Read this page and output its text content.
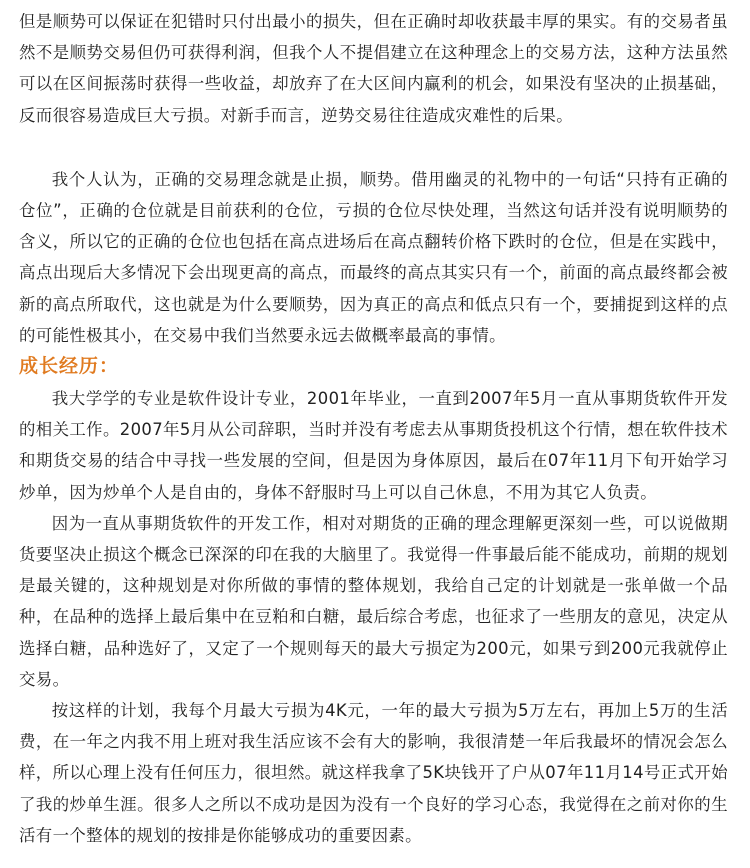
但是顺势可以保证在犯错时只付出最小的损失，但在正确时却收获最丰厚的果实。有的交易者虽然不是顺势交易但仍可获得利润，但我个人不提倡建立在这种理念上的交易方法，这种方法虽然可以在区间振荡时获得一些收益，却放弃了在大区间内赢利的机会，如果没有坚决的止损基础，反而很容易造成巨大亏损。对新手而言，逆势交易往往造成灾难性的后果。

我个人认为，正确的交易理念就是止损，顺势。借用幽灵的礼物中的一句话“只持有正确的仓位”，正确的仓位就是目前获利的仓位，亏损的仓位尽快处理，当然这句话并没有说明顺势的含义，所以它的正确的仓位也包括在高点进场后在高点翻转价格下跌时的仓位，但是在实践中，高点出现后大多情况下会出现更高的高点，而最终的高点其实只有一个，前面的高点最终都会被新的高点所取代，这也就是为什么要顺势，因为真正的高点和低点只有一个，要捕捉到这样的点的可能性极其小，在交易中我们当然要永远去做概率最高的事情。

成长经历：

我大学学的专业是软件设计专业，2001年毕业，一直到2007年5月一直从事期货软件开发的相关工作。2007年5月从公司辞职，当时并没有考虑去从事期货投机这个行情，想在软件技术和期货交易的结合中寻找一些发展的空间，但是因为身体原因，最后在07年11月下旬开始学习炒单，因为炒单个人是自由的，身体不舒服时马上可以自己休息，不用为其它人负责。

因为一直从事期货软件的开发工作，相对对期货的正确的理念理解更深刻一些，可以说做期货要坚决止损这个概念已深深的印在我的大脑里了。我觉得一件事最后能不能成功，前期的规划是最关键的，这种规划是对你所做的事情的整体规划，我给自己定的计划就是一张单做一个品种，在品种的选择上最后集中在豆粕和白糖，最后综合考虑，也征求了一些朋友的意见，决定从选择白糖，品种选好了，又定了一个规则每天的最大亏损定为200元，如果亏到200元我就停止交易。

按这样的计划，我每个月最大亏损为4K元，一年的最大亏损为5万左右，再加上5万的生活费，在一年之内我不用上班对我生活应该不会有大的影响，我很清楚一年后我最坏的情况会怎么样，所以心理上没有任何压力，很坦然。就这样我拿了5K块钱开了户从07年11月14号正式开始了我的炒单生涯。很多人之所以不成功是因为没有一个良好的学习心态，我觉得在之前对你的生活有一个整体的规划的按排是你能够成功的重要因素。
